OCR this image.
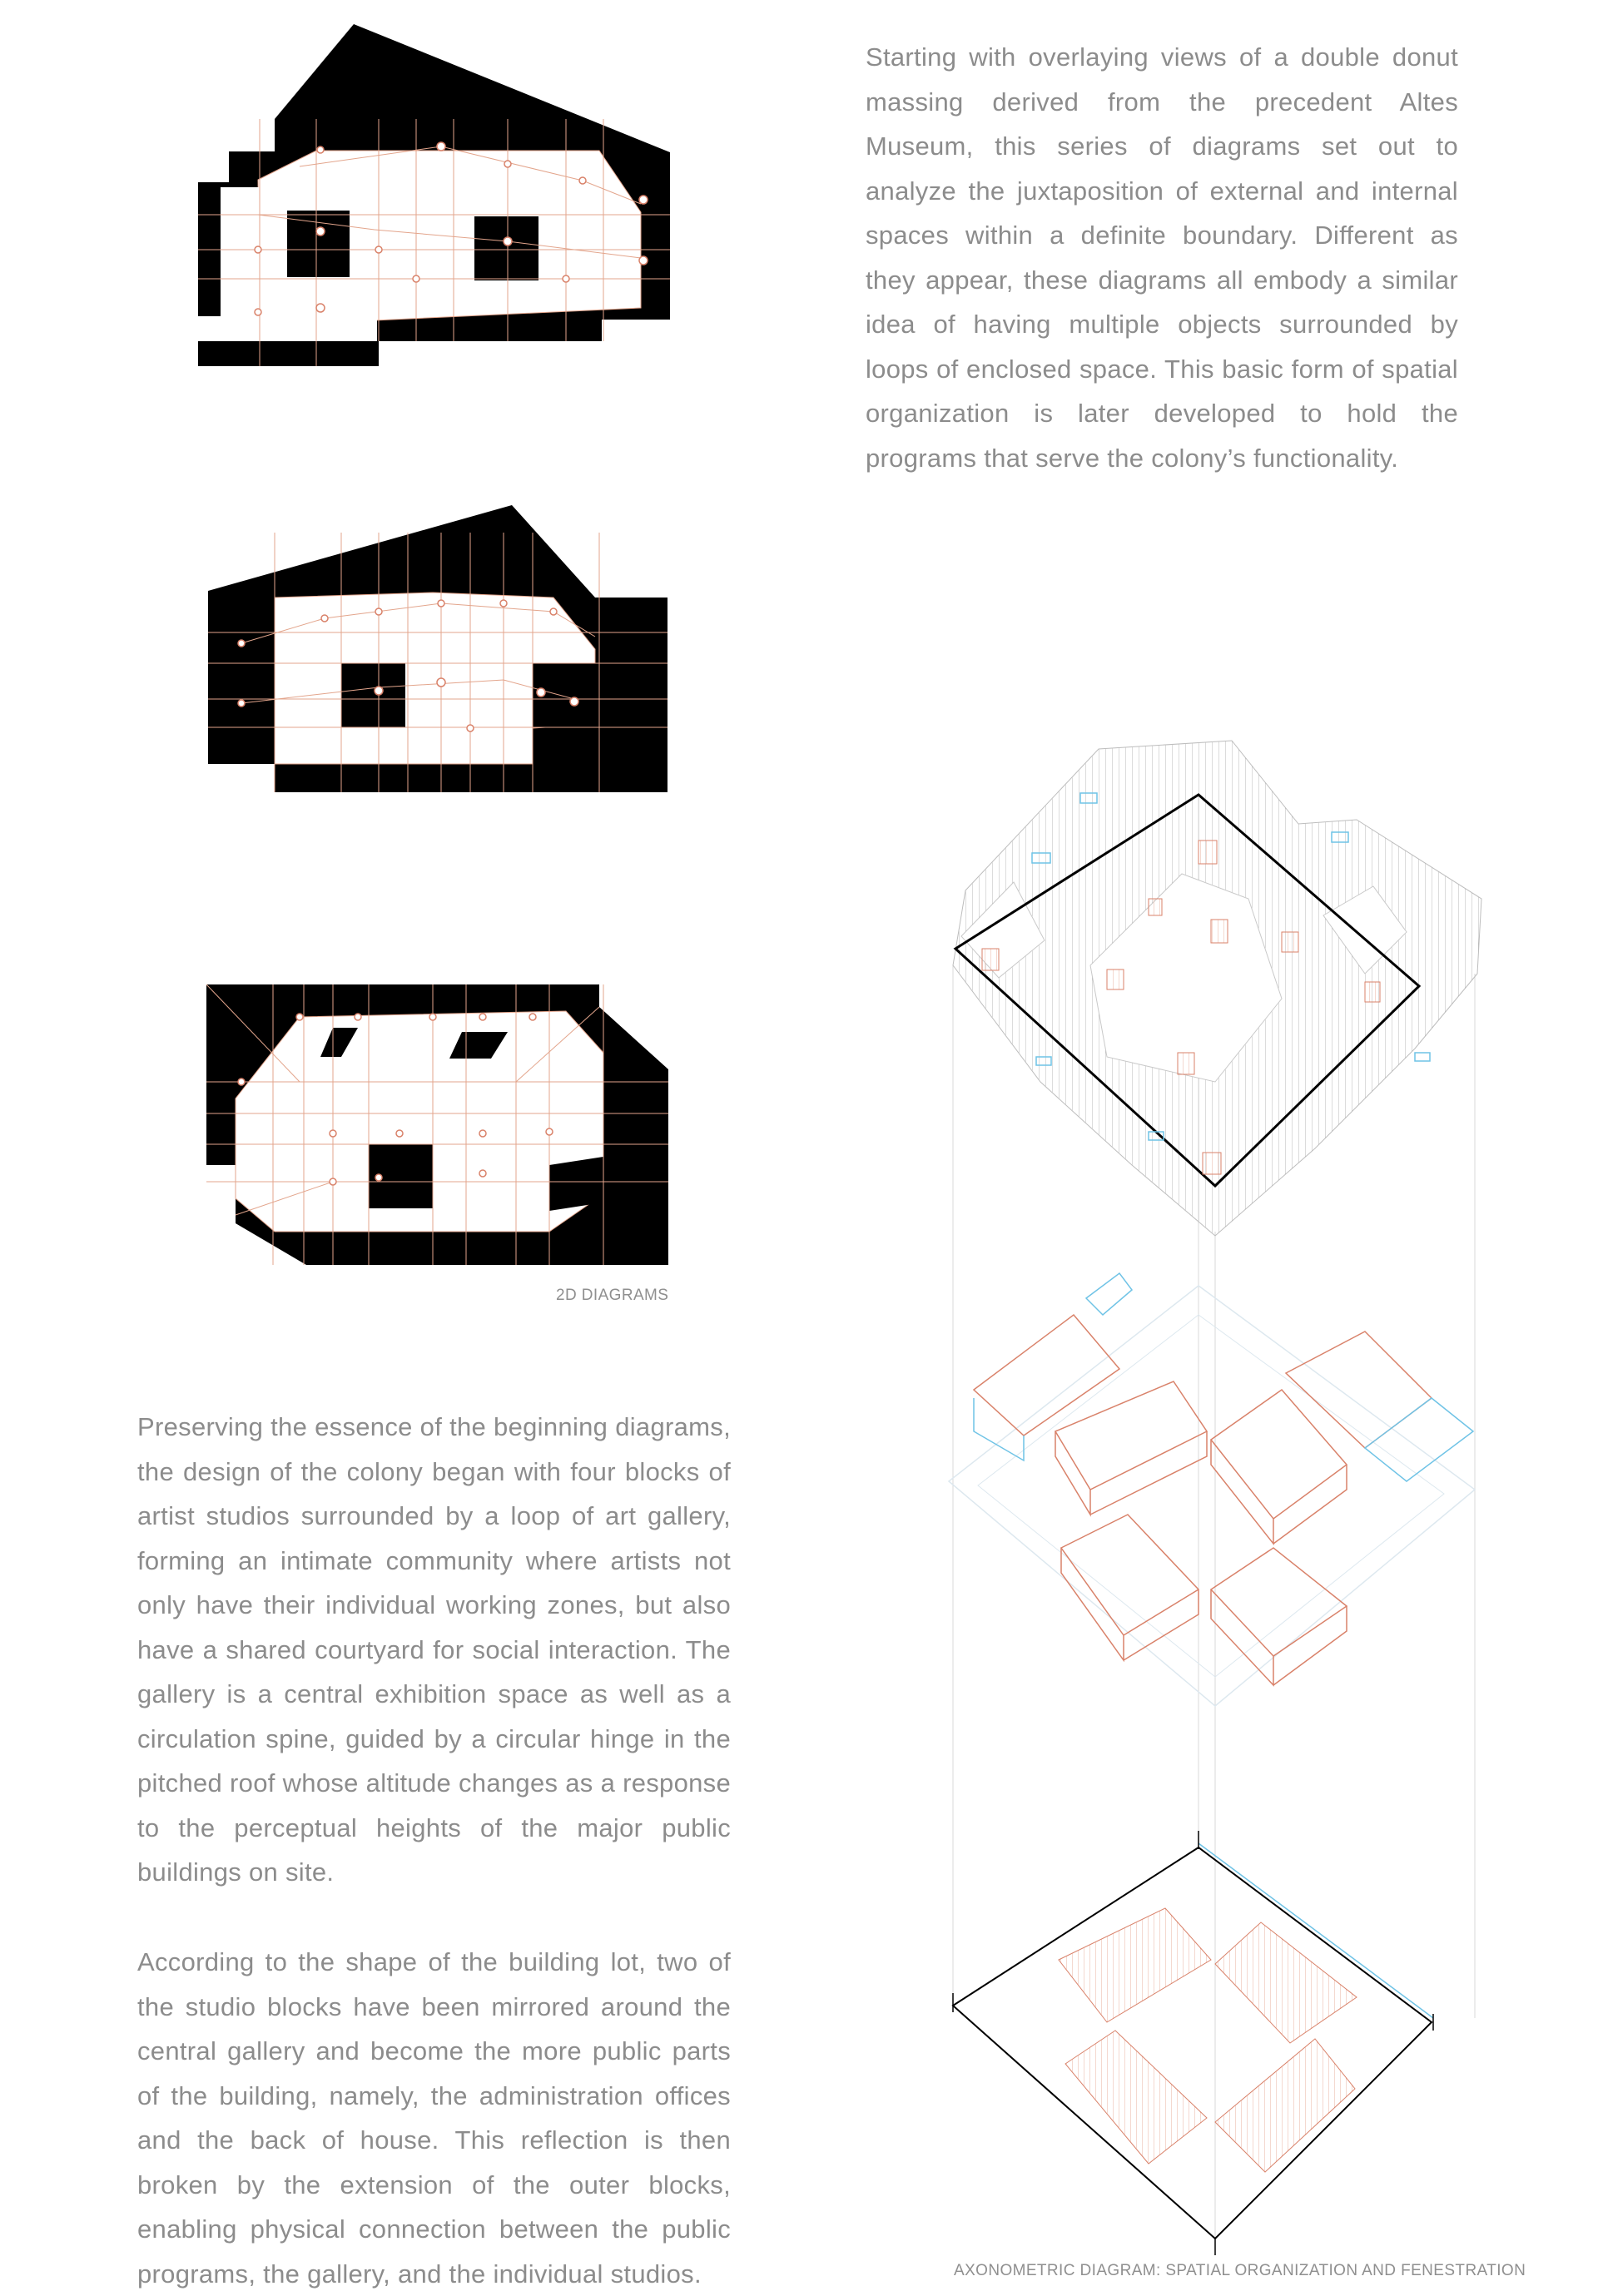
Starting with overlaying views of a double donut massing derived from the precedent Altes Museum, this series of diagrams set out to analyze the juxtaposition of external and internal spaces within a definite boundary. Different as they appear, these diagrams all embody a similar idea of having multiple objects surrounded by loops of enclosed space. This basic form of spatial organization is later developed to hold the programs that serve the colony’s functionality.

2D DIAGRAMS

Preserving the essence of the beginning diagrams, the design of the colony began with four blocks of artist studios surrounded by a loop of art gallery, forming an intimate community where artists not only have their individual working zones, but also have a shared courtyard for social interaction. The gallery is a central exhibition space as well as a circulation spine, guided by a circular hinge in the pitched roof whose altitude changes as a response to the perceptual heights of the major public buildings on site.

According to the shape of the building lot, two of the studio blocks have been mirrored around the central gallery and become the more public parts of the building, namely, the administration offices and the back of house. This reflection is then broken by the extension of the outer blocks, enabling physical connection between the public programs, the gallery, and the individual studios.	AXONOMETRIC DIAGRAM: SPATIAL ORGANIZATION AND FENESTRATION
